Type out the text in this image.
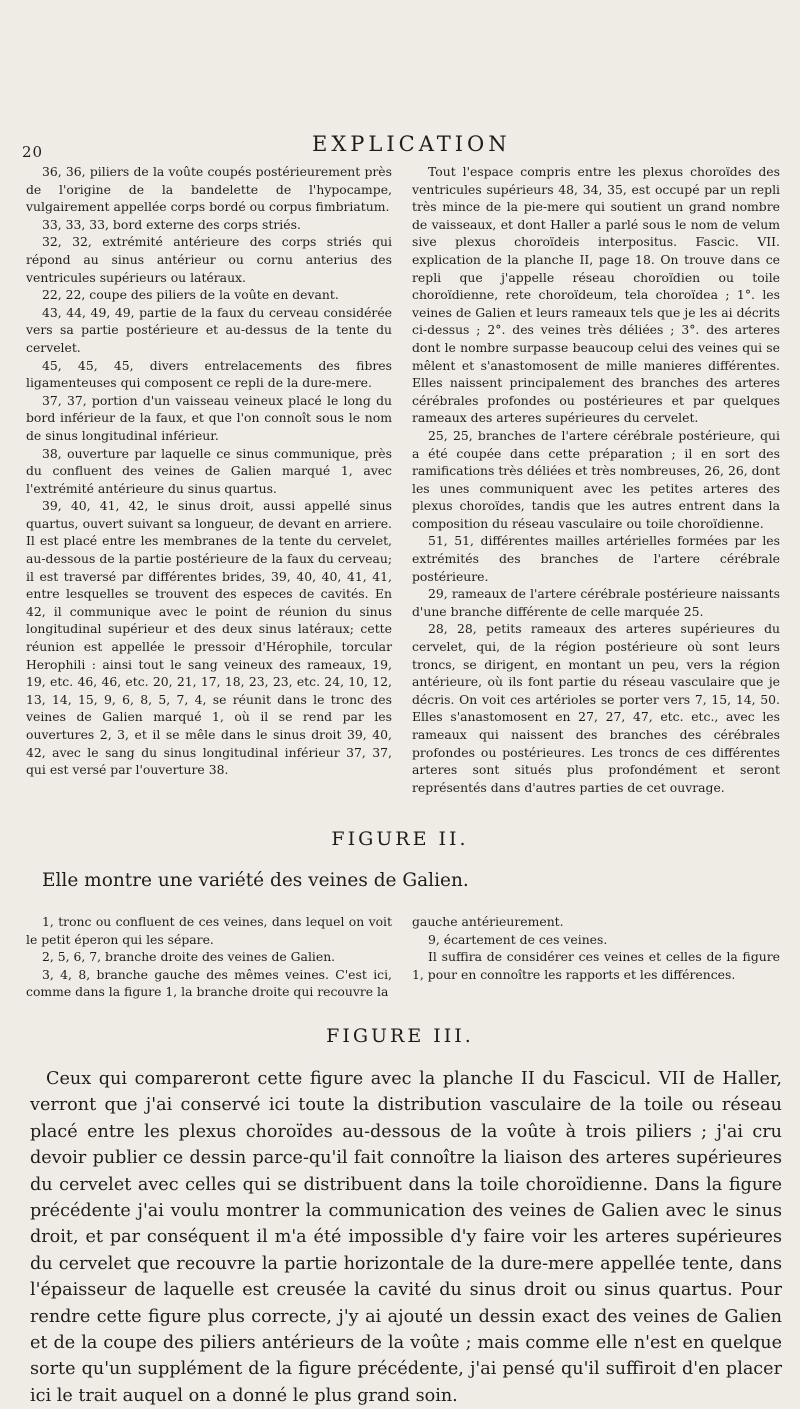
20	EXPLICATION

36, 36, piliers de la voûte coupés postérieurement près de l'origine de la bandelette de l'hypocampe, vulgairement appellée corps bordé ou corpus fimbriatum.

33, 33, 33, bord externe des corps striés.

32, 32, extrémité antérieure des corps striés qui répond au sinus antérieur ou cornu anterius des ventricules supérieurs ou latéraux.

22, 22, coupe des piliers de la voûte en devant.

43, 44, 49, 49, partie de la faux du cerveau considérée vers sa partie postérieure et au-dessus de la tente du cervelet.

45, 45, 45, divers entrelacements des fibres ligamenteuses qui composent ce repli de la dure-mere.

37, 37, portion d'un vaisseau veineux placé le long du bord inférieur de la faux, et que l'on connoît sous le nom de sinus longitudinal inférieur.

38, ouverture par laquelle ce sinus communique, près du confluent des veines de Galien marqué 1, avec l'extrémité antérieure du sinus quartus.

39, 40, 41, 42, le sinus droit, aussi appellé sinus quartus, ouvert suivant sa longueur, de devant en arriere. Il est placé entre les membranes de la tente du cervelet, au-dessous de la partie postérieure de la faux du cerveau; il est traversé par différentes brides, 39, 40, 40, 41, 41, entre lesquelles se trouvent des especes de cavités. En 42, il communique avec le point de réunion du sinus longitudinal supérieur et des deux sinus latéraux; cette réunion est appellée le pressoir d'Hérophile, torcular Herophili : ainsi tout le sang veineux des rameaux, 19, 19, etc. 46, 46, etc. 20, 21, 17, 18, 23, 23, etc. 24, 10, 12, 13, 14, 15, 9, 6, 8, 5, 7, 4, se réunit dans le tronc des veines de Galien marqué 1, où il se rend par les ouvertures 2, 3, et il se mêle dans le sinus droit 39, 40, 42, avec le sang du sinus longitudinal inférieur 37, 37, qui est versé par l'ouverture 38.

Tout l'espace compris entre les plexus choroïdes des ventricules supérieurs 48, 34, 35, est occupé par un repli très mince de la pie-mere qui soutient un grand nombre de vaisseaux, et dont Haller a parlé sous le nom de velum sive plexus choroïdeis interpositus. Fascic. VII. explication de la planche II, page 18. On trouve dans ce repli que j'appelle réseau choroïdien ou toile choroïdienne, rete choroïdeum, tela choroïdea ; 1°. les veines de Galien et leurs rameaux tels que je les ai décrits ci-dessus ; 2°. des veines très déliées ; 3°. des arteres dont le nombre surpasse beaucoup celui des veines qui se mêlent et s'anastomosent de mille manieres différentes. Elles naissent principalement des branches des arteres cérébrales profondes ou postérieures et par quelques rameaux des arteres supérieures du cervelet.

25, 25, branches de l'artere cérébrale postérieure, qui a été coupée dans cette préparation ; il en sort des ramifications très déliées et très nombreuses, 26, 26, dont les unes communiquent avec les petites arteres des plexus choroïdes, tandis que les autres entrent dans la composition du réseau vasculaire ou toile choroïdienne.

51, 51, différentes mailles artérielles formées par les extrémités des branches de l'artere cérébrale postérieure.

29, rameaux de l'artere cérébrale postérieure naissants d'une branche différente de celle marquée 25.

28, 28, petits rameaux des arteres supérieures du cervelet, qui, de la région postérieure où sont leurs troncs, se dirigent, en montant un peu, vers la région antérieure, où ils font partie du réseau vasculaire que je décris. On voit ces artérioles se porter vers 7, 15, 14, 50. Elles s'anastomosent en 27, 27, 47, etc. etc., avec les rameaux qui naissent des branches des cérébrales profondes ou postérieures. Les troncs de ces différentes arteres sont situés plus profondément et seront représentés dans d'autres parties de cet ouvrage.

FIGURE II.
Elle montre une variété des veines de Galien.

1, tronc ou confluent de ces veines, dans lequel on voit le petit éperon qui les sépare.

2, 5, 6, 7, branche droite des veines de Galien.

3, 4, 8, branche gauche des mêmes veines. C'est ici, comme dans la figure 1, la branche droite qui recouvre la

gauche antérieurement.

9, écartement de ces veines.

Il suffira de considérer ces veines et celles de la figure 1, pour en connoître les rapports et les différences.

FIGURE III.

Ceux qui compareront cette figure avec la planche II du Fascicul. VII de Haller, verront que j'ai conservé ici toute la distribution vasculaire de la toile ou réseau placé entre les plexus choroïdes au-dessous de la voûte à trois piliers ; j'ai cru devoir publier ce dessin parce-qu'il fait connoître la liaison des arteres supérieures du cervelet avec celles qui se distribuent dans la toile choroïdienne. Dans la figure précédente j'ai voulu montrer la communication des veines de Galien avec le sinus droit, et par conséquent il m'a été impossible d'y faire voir les arteres supérieures du cervelet que recouvre la partie horizontale de la dure-mere appellée tente, dans l'épaisseur de laquelle est creusée la cavité du sinus droit ou sinus quartus. Pour rendre cette figure plus correcte, j'y ai ajouté un dessin exact des veines de Galien et de la coupe des piliers antérieurs de la voûte ; mais comme elle n'est en quelque sorte qu'un supplément de la figure précédente, j'ai pensé qu'il suffiroit d'en placer ici le trait auquel on a donné le plus grand soin.
